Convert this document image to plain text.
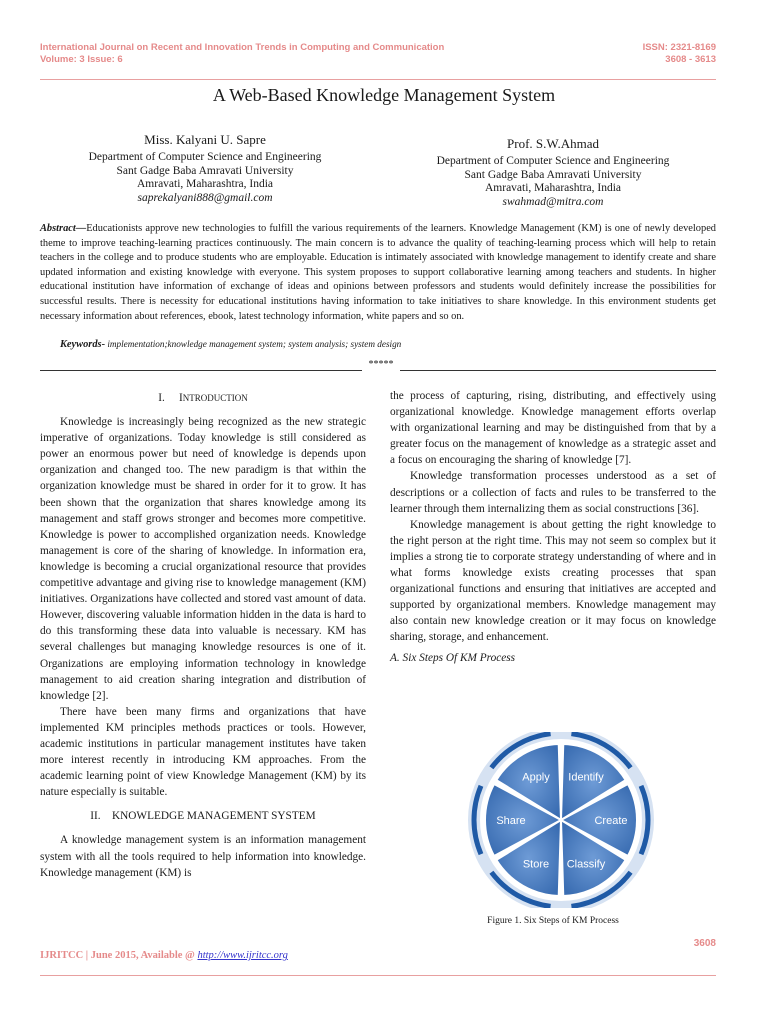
International Journal on Recent and Innovation Trends in Computing and Communication
Volume: 3 Issue: 6
ISSN: 2321-8169
3608 - 3613
A Web-Based Knowledge Management System
Miss. Kalyani U. Sapre
Department of Computer Science and Engineering
Sant Gadge Baba Amravati University
Amravati, Maharashtra, India
saprekalyani888@gmail.com
Prof. S.W.Ahmad
Department of Computer Science and Engineering
Sant Gadge Baba Amravati University
Amravati, Maharashtra, India
swahmad@mitra.com
Abstract—Educationists approve new technologies to fulfill the various requirements of the learners. Knowledge Management (KM) is one of newly developed theme to improve teaching-learning practices continuously. The main concern is to advance the quality of teaching-learning process which will help to retain teachers in the college and to produce students who are employable. Education is intimately associated with knowledge management to identify create and share updated information and existing knowledge with everyone. This system proposes to support collaborative learning among teachers and students. In higher educational institution have information of exchange of ideas and opinions between professors and students would definitely increase the possibilities for successful results. There is necessity for educational institutions having information to take initiatives to share knowledge. In this environment students get necessary information about references, ebook, latest technology information, white papers and so on.
Keywords- implementation;knowledge management system; system analysis; system design
*****

I. INTRODUCTION

Knowledge is increasingly being recognized as the new strategic imperative of organizations. Today knowledge is still considered as power an enormous power but need of knowledge is depends upon organization and changed too. The new paradigm is that within the organization knowledge must be shared in order for it to grow. It has been shown that the organization that shares knowledge among its management and staff grows stronger and becomes more competitive. Knowledge is power to accomplished organization needs. Knowledge management is core of the sharing of knowledge. In information era, knowledge is becoming a crucial organizational resource that provides competitive advantage and giving rise to knowledge management (KM) initiatives. Organizations have collected and stored vast amount of data. However, discovering valuable information hidden in the data is hard to do this transforming these data into valuable is necessary. KM has several challenges but managing knowledge resources is one of it. Organizations are employing information technology in knowledge management to aid creation sharing integration and distribution of knowledge [2].

There have been many firms and organizations that have implemented KM principles methods practices or tools. However, academic institutions in particular management institutes have taken more interest recently in introducing KM approaches. From the academic learning point of view Knowledge Management (KM) by its nature especially is suitable.

II. KNOWLEDGE MANAGEMENT SYSTEM

A knowledge management system is an information management system with all the tools required to help information into knowledge. Knowledge management (KM) is

the process of capturing, rising, distributing, and effectively using organizational knowledge. Knowledge management efforts overlap with organizational learning and may be distinguished from that by a greater focus on the management of knowledge as a strategic asset and a focus on encouraging the sharing of knowledge [7].

Knowledge transformation processes understood as a set of descriptions or a collection of facts and rules to be transferred to the learner through them internalizing them as social constructions [36].

Knowledge management is about getting the right knowledge to the right person at the right time. This may not seem so complex but it implies a strong tie to corporate strategy understanding of where and in what forms knowledge exists creating processes that span organizational functions and ensuring that initiatives are accepted and supported by organizational members. Knowledge management may also contain new knowledge creation or it may focus on knowledge sharing, storage, and enhancement.

A. Six Steps Of KM Process

Apply Identify
Create
Classify
Store
Share
Figure 1. Six Steps of KM Process
3608
IJRITCC | June 2015, Available @ http://www.ijritcc.org
